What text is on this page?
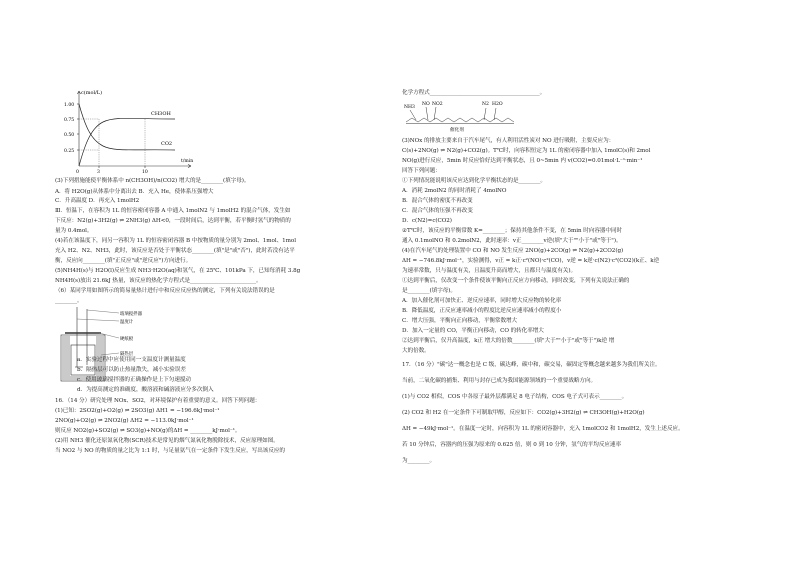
c(mol/L)
1.00
0.75
0.50
0.25
0	3	10
t/min
CH3OH
CO2
(3)下列措施能使平衡体系中 n(CH3OH)/n(CO2) 增大的是________(填字母)。
A．将 H2O(g)从体系中分离出去 B．充入 He，使体系压强增大
C．升高温度 D．再充入 1molH2
Ⅲ．恒温下，在容积为 1L 的恒容密闭容器 A 中通入 1molN2 与 1molH2 的混合气体，发生如
下反应：N2(g)+3H2(g) ⇌ 2NH3(g) ΔH<0，一段时间后，达到平衡，若平衡时氢气的物质的
量为 0.4mol。
(4)若在该温度下，同另一容积为 1L 的恒容密闭容器 B 中按物质的量分别为 2mol、1mol、1mol
充入 H2、N2、NH3，此时，该反应是否处于平衡状态________(填"是"或"否")，此时若没有达平
衡，反应向________(填"正反应"或"逆反应")方向进行。
(5)NH4H(s)与 H2O(l)反应生成 NH3·H2O(aq)和氢气，在 25℃、101kPa 下，已知每消耗 3.8g
NH4H(s)放出 21.6kJ 热量，该反应的热化学方程式是________________________。
（6）某同学用如图所示的简易量热计进行中和反应反应热的测定，下列有关说法错误的是
________。
玻璃搅拌器
温度计
硬纸板
隔热层
a．实验过程中应使用同一支温度计测量温度
b．隔热层可以防止热量散失，减小实验误差
c．使用玻璃搅拌器的正确操作是上下匀速搅动
d．为提高测定的准确度，酸溶液和碱溶液应分多次倒入
16．（14 分）研究处理 NOx、SO2，对环境保护有着重要的意义。回答下列问题：
(1)已知：2SO2(g)+O2(g) ⇌ 2SO3(g) ΔH1 = −196.6kJ·mol⁻¹
2NO(g)+O2(g) ⇌ 2NO2(g) ΔH2 = −113.0kJ·mol⁻¹
则反应 NO2(g)+SO2(g) ⇌ SO3(g)+NO(g)的ΔH = ________kJ·mol⁻¹。
(2)用 NH3 催化还原氮氧化物(SCR)技术是常见的烟气氮氧化物脱除技术，反应原理如图。
当 NO2 与 NO 的物质的量之比为 1:1 时，与足量氨气在一定条件下发生反应，写出该反应的
化学方程式________________________________________。
NH3
NO NO2	N2 H2O
催化剂
(3)NOx 的排放主要来自于汽车尾气，有人利用活性炭对 NO 进行吸附，主要反应为：
C(s)+2NO(g) ⇌ N2(g)+CO2(g)。T℃时，向容积恒定为 1L 的密闭容器中加入 1molC(s)和 2mol
NO(g)进行反应，5min 时反应恰好达到平衡状态，且 0~5min 内 v(CO2)=0.01mol·L⁻¹·min⁻¹
回答下列问题：
①下列情况能说明该反应达到化学平衡状态的是________。
A．消耗 2molN2 的同时消耗了 4molNO
B．混合气体的密度不再改变
C．混合气体的压强不再改变
D．c(N2)=c(CO2)
②T℃时，该反应的平衡常数 K=________；保持其他条件不变，在 5min 时向容器中同时
通入 0.1molNO 和 0.2molN2，此时速率：v正________v逆(填"大于""小于"或"等于")。
(4)在汽车尾气的处理装置中 CO 和 NO 发生反应 2NO(g)+2CO(g) ⇌ N2(g)+2CO2(g)
ΔH = −746.8kJ·mol⁻¹，实验测得，v正 = k正·c²(NO)·c²(CO)，v逆 = k逆·c(N2)·c²(CO2)(k正、k逆
为速率常数，只与温度有关，且温度升高而增大，且都只与温度有关)。
①达到平衡后，仅改变一个条件使该平衡向正反应方向移动，同时改变，下列有关说法正确的
是________(填字母)。
A．加入催化剂可加快正、逆反应速率，同时增大反应物的转化率
B．降低温度，正反应速率减小的程度比逆反应速率减小的程度小
C．增大压强，平衡向正向移动，平衡常数增大
D．加入一定量的 CO，平衡正向移动，CO 的转化率增大
②达到平衡后，仅升高温度，k正 增大的倍数________(填"大于""小于"或"等于")k逆 增
大的倍数。
17．（16 分）"碳"达一概念也是 C 级，碳达峰，碳中和，碳交易，碳固定等概念越来越多为我们所关注。
当前，二氧化碳的捕集、利用与封存已成为我国能源领域的一个重要战略方向。
(1)与 CO2 相似，COS 中各原子最外层都满足 8 电子结构，COS 电子式可表示________。
(2) CO2 和 H2 在一定条件下可制取甲醇，反应如下：CO2(g)+3H2(g) ⇌ CH3OH(g)+H2O(g)
ΔH = −49kJ·mol⁻¹。在温度一定时，向容积为 1L 的密闭容器中，充入 1molCO2 和 1molH2，发生上述反应。
若 10 分钟后，容器内的压强为原来的 0.625 倍，则 0 到 10 分钟，氢气的平均反应速率
为________。
